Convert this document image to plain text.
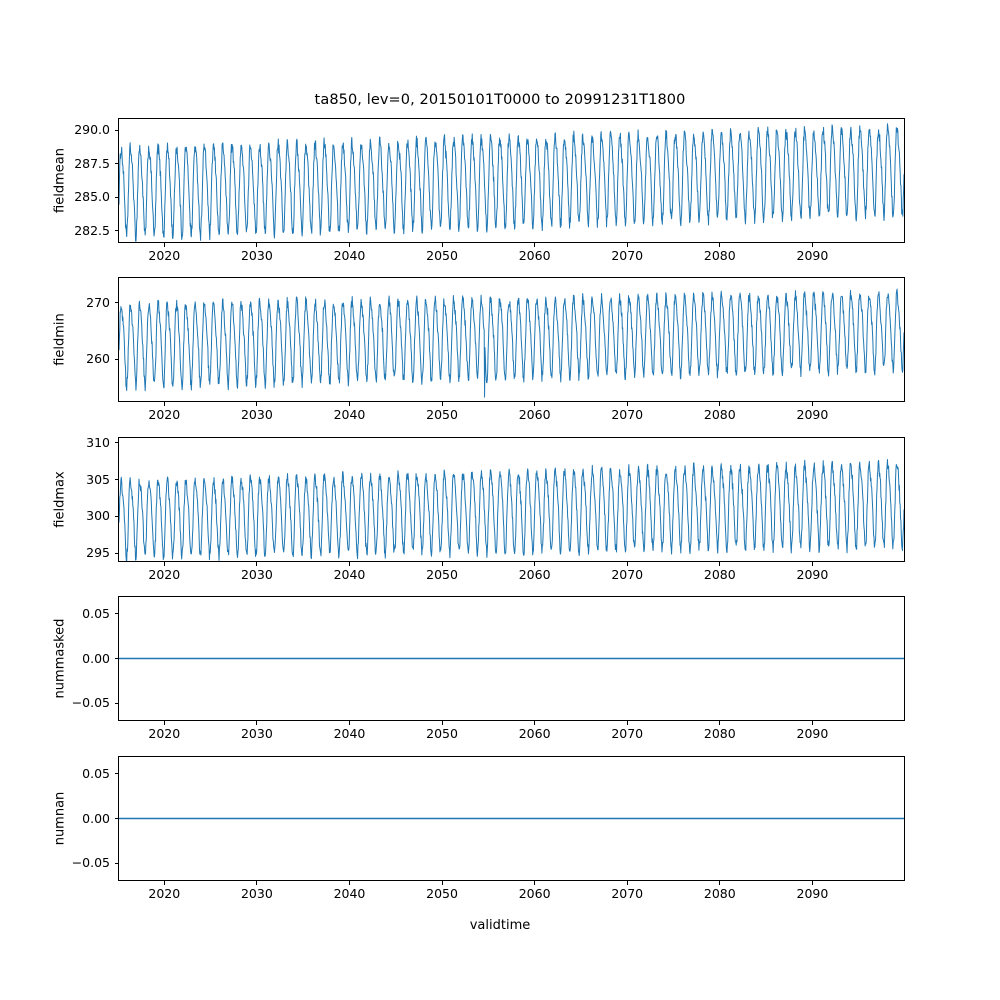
ta850, lev=0, 20150101T0000 to 20991231T1800
fieldmean
fieldmin
fieldmax
nummasked
numnan
validtime
282.5
285.0
287.5
290.0
2020	2030	2040	2050	2060	2070	2080	2090
260
270
2020	2030	2040	2050	2060	2070	2080	2090
295
300
305
310
2020	2030	2040	2050	2060	2070	2080	2090
−0.05
0.00
0.05
2020	2030	2040	2050	2060	2070	2080	2090
−0.05
0.00
0.05
2020	2030	2040	2050	2060	2070	2080	2090
